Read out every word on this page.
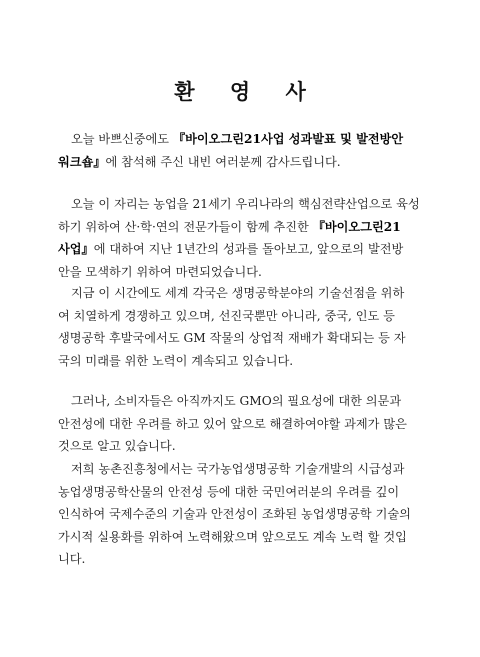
환 영 사
오늘 바쁘신중에도 『바이오그린21사업 성과발표 및 발전방안
워크숍』에 참석해 주신 내빈 여러분께 감사드립니다.
오늘 이 자리는 농업을 21세기 우리나라의 핵심전략산업으로 육성
하기 위하여 산·학·연의 전문가들이 함께 추진한 『바이오그린21
사업』에 대하여 지난 1년간의 성과를 돌아보고, 앞으로의 발전방
안을 모색하기 위하여 마련되었습니다.
지금 이 시간에도 세계 각국은 생명공학분야의 기술선점을 위하
여 치열하게 경쟁하고 있으며, 선진국뿐만 아니라, 중국, 인도 등
생명공학 후발국에서도 GM 작물의 상업적 재배가 확대되는 등 자
국의 미래를 위한 노력이 계속되고 있습니다.
그러나, 소비자들은 아직까지도 GMO의 필요성에 대한 의문과
안전성에 대한 우려를 하고 있어 앞으로 해결하여야할 과제가 많은
것으로 알고 있습니다.
저희 농촌진흥청에서는 국가농업생명공학 기술개발의 시급성과
농업생명공학산물의 안전성 등에 대한 국민여러분의 우려를 깊이
인식하여 국제수준의 기술과 안전성이 조화된 농업생명공학 기술의
가시적 실용화를 위하여 노력해왔으며 앞으로도 계속 노력 할 것입
니다.
